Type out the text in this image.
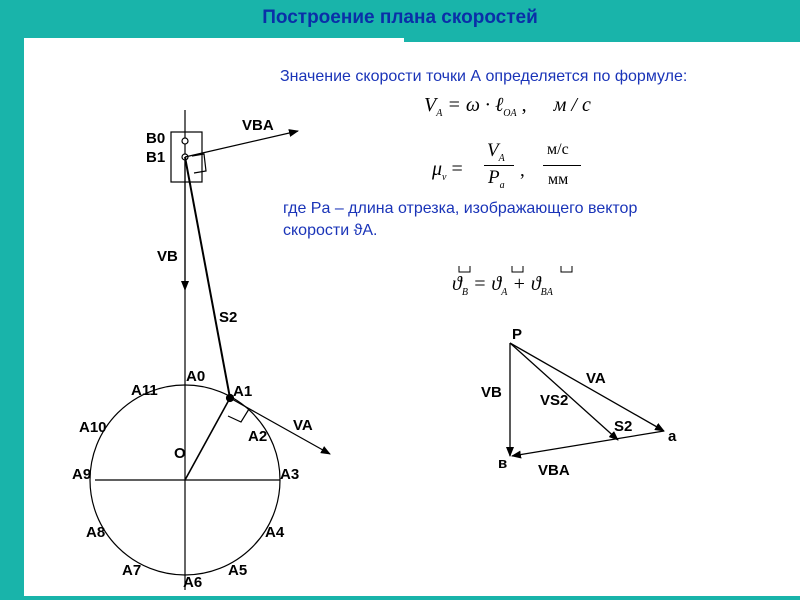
Построение плана скоростей
Значение скорости точки А определяется по формуле:
где Pa – длина отрезка, изображающего вектор
скорости ϑA.
$V_A = \omega$ · ℓ$_{OA}$ , м / с
$\mu_v$ =
$V_A$
$P_a$
,
м/с
мм
$ϑ_B = ϑ_A + ϑ_{BA}$
B0
B1
VBA
VB
S2
A0
A1
A2
A3
A4
A5
A6
A7
A8
A9
A10
A11
O
VA
P
VB	VS2
VA
S2
a
в VBA
